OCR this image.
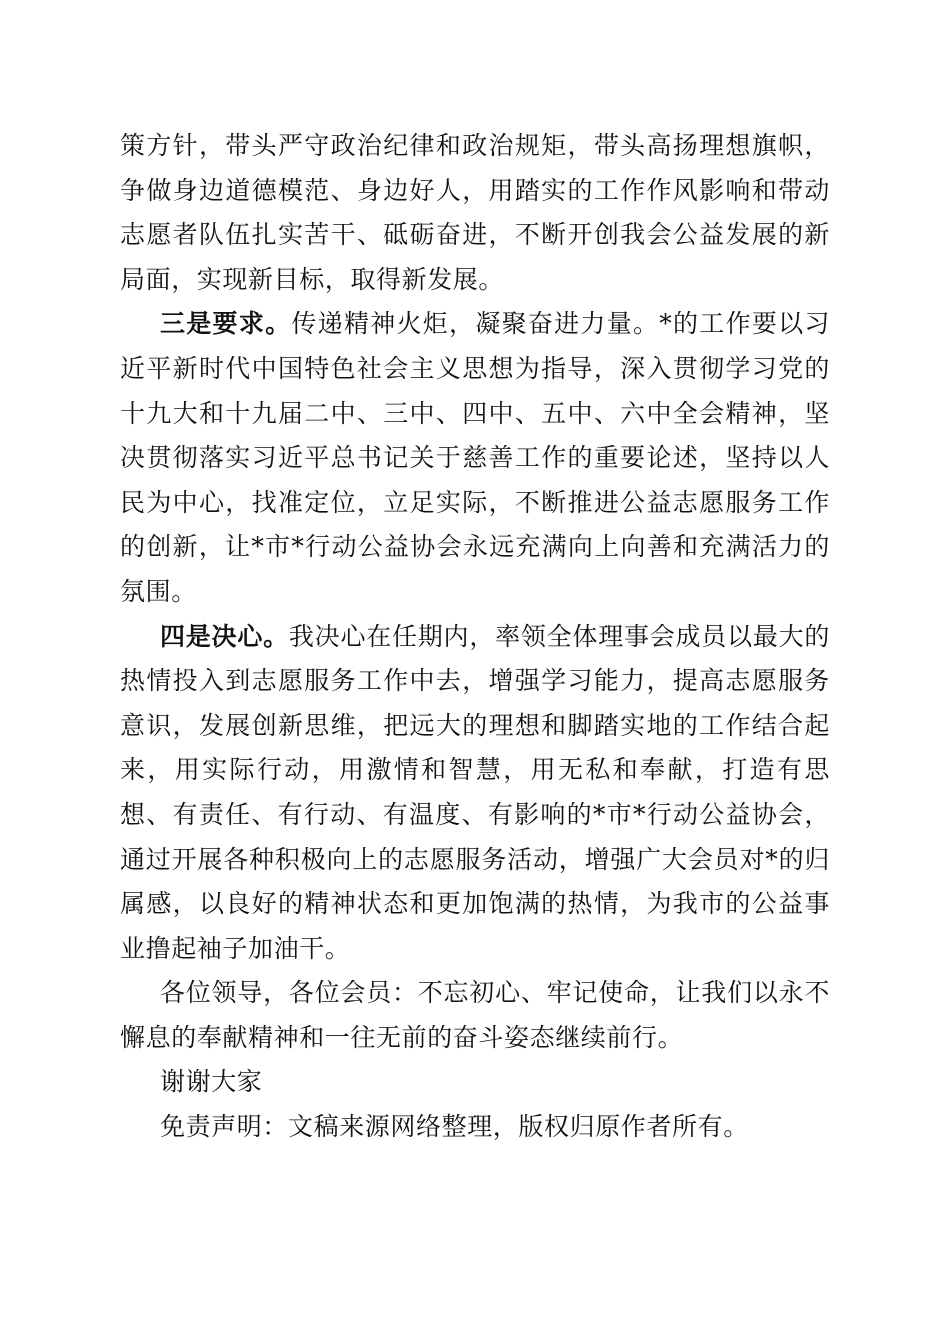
策方针，带头严守政治纪律和政治规矩，带头高扬理想旗帜，争做身边道德模范、身边好人，用踏实的工作作风影响和带动志愿者队伍扎实苦干、砥砺奋进，不断开创我会公益发展的新局面，实现新目标，取得新发展。

三是要求。传递精神火炬，凝聚奋进力量。*的工作要以习近平新时代中国特色社会主义思想为指导，深入贯彻学习党的十九大和十九届二中、三中、四中、五中、六中全会精神，坚决贯彻落实习近平总书记关于慈善工作的重要论述，坚持以人民为中心，找准定位，立足实际，不断推进公益志愿服务工作的创新，让*市*行动公益协会永远充满向上向善和充满活力的氛围。

四是决心。我决心在任期内，率领全体理事会成员以最大的热情投入到志愿服务工作中去，增强学习能力，提高志愿服务意识，发展创新思维，把远大的理想和脚踏实地的工作结合起来，用实际行动，用激情和智慧，用无私和奉献，打造有思想、有责任、有行动、有温度、有影响的*市*行动公益协会，通过开展各种积极向上的志愿服务活动，增强广大会员对*的归属感，以良好的精神状态和更加饱满的热情，为我市的公益事业撸起袖子加油干。

各位领导，各位会员：不忘初心、牢记使命，让我们以永不懈息的奉献精神和一往无前的奋斗姿态继续前行。

谢谢大家

免责声明：文稿来源网络整理，版权归原作者所有。
